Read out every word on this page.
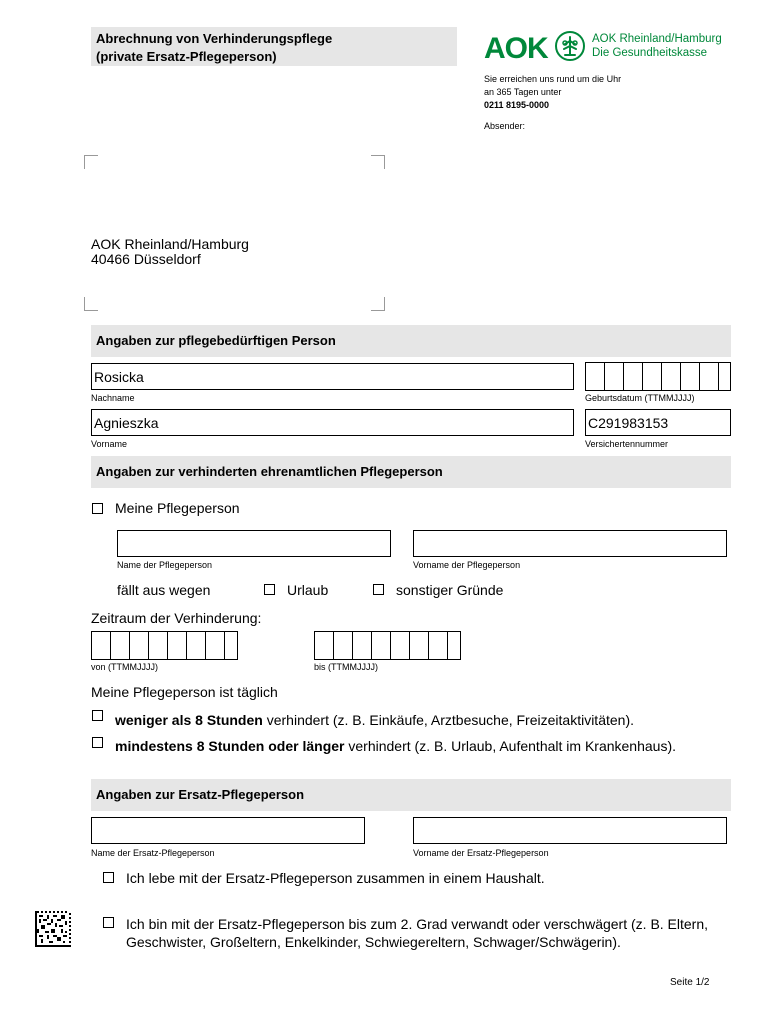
Abrechnung von Verhinderungspflege
(private Ersatz-Pflegeperson)	AOK	AOK Rheinland/Hamburg
Die Gesundheitskasse
Sie erreichen uns rund um die Uhr
an 365 Tagen unter
0211 8195-0000
Absender:
AOK Rheinland/Hamburg
40466 Düsseldorf
Angaben zur pflegebedürftigen Person
Rosicka
Nachname	Geburtsdatum (TTMMJJJJ)
Agnieszka
Vorname
C291983153
Versichertennummer
Angaben zur verhinderten ehrenamtlichen Pflegeperson
Meine Pflegeperson
Name der Pflegeperson	Vorname der Pflegeperson
fällt aus wegen	Urlaub	sonstiger Gründe
Zeitraum der Verhinderung:
von (TTMMJJJJ)	bis (TTMMJJJJ)
Meine Pflegeperson ist täglich
weniger als 8 Stunden verhindert (z. B. Einkäufe, Arztbesuche, Freizeitaktivitäten).
mindestens 8 Stunden oder länger verhindert (z. B. Urlaub, Aufenthalt im Krankenhaus).
Angaben zur Ersatz-Pflegeperson
Name der Ersatz-Pflegeperson	Vorname der Ersatz-Pflegeperson
Ich lebe mit der Ersatz-Pflegeperson zusammen in einem Haushalt.
Ich bin mit der Ersatz-Pflegeperson bis zum 2. Grad verwandt oder verschwägert (z. B. Eltern,
Geschwister, Großeltern, Enkelkinder, Schwiegereltern, Schwager/Schwägerin).
Seite 1/2
